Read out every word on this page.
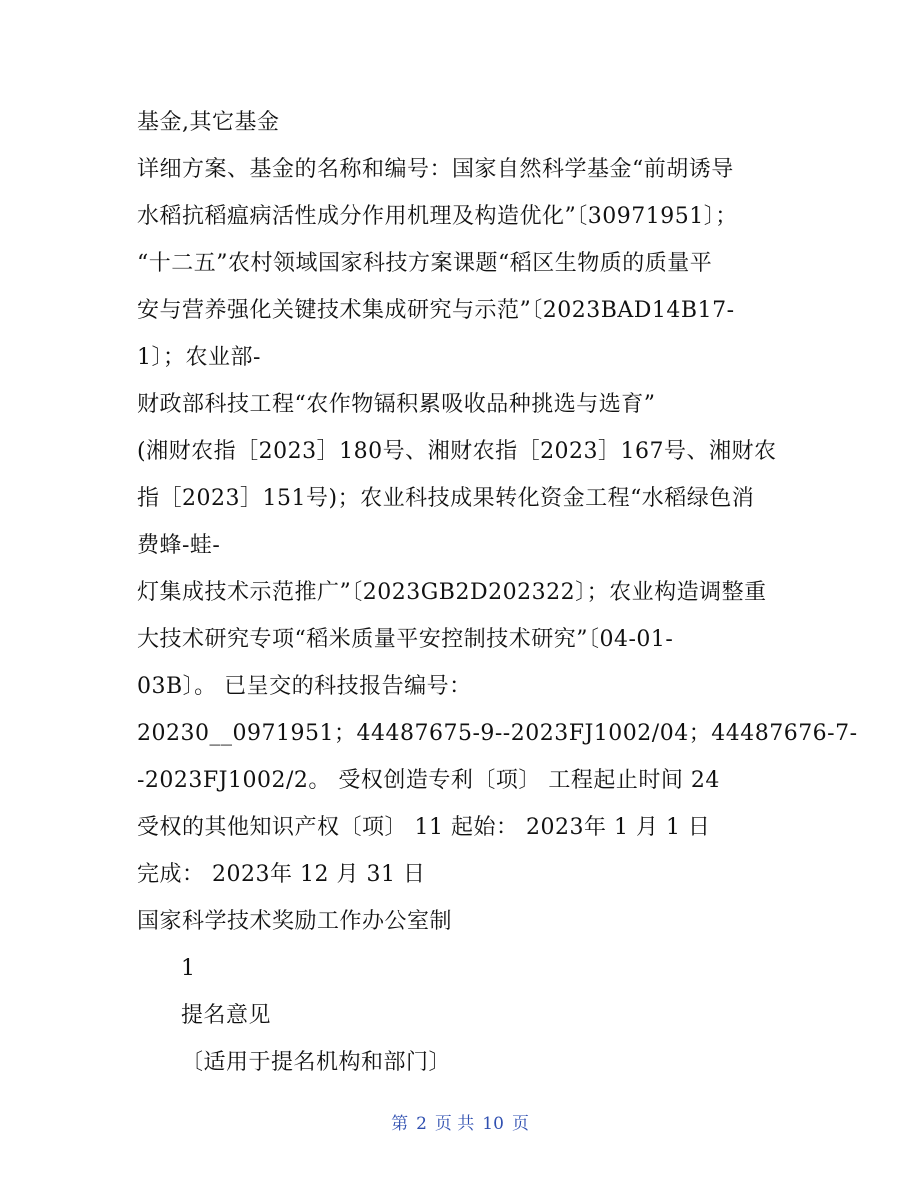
基金,其它基金
详细方案、基金的名称和编号：国家自然科学基金“前胡诱导
水稻抗稻瘟病活性成分作用机理及构造优化”〔30971951〕；
“十二五”农村领域国家科技方案课题“稻区生物质的质量平
安与营养强化关键技术集成研究与示范”〔2023BAD14B17-
1〕；农业部-
财政部科技工程“农作物镉积累吸收品种挑选与选育”
(湘财农指［2023］180号、湘财农指［2023］167号、湘财农
指［2023］151号)；农业科技成果转化资金工程“水稻绿色消
费蜂-蛙-
灯集成技术示范推广”〔2023GB2D202322〕；农业构造调整重
大技术研究专项“稻米质量平安控制技术研究”〔04-01-
03B〕。 已呈交的科技报告编号：
20230__0971951；44487675-9--2023FJ1002/04；44487676-7-
-2023FJ1002/2。 受权创造专利〔项〕 工程起止时间 24
受权的其他知识产权〔项〕 11 起始： 2023年 1 月 1 日
完成： 2023年 12 月 31 日
国家科学技术奖励工作办公室制
1
提名意见
〔适用于提名机构和部门〕
第 2 页 共 10 页
